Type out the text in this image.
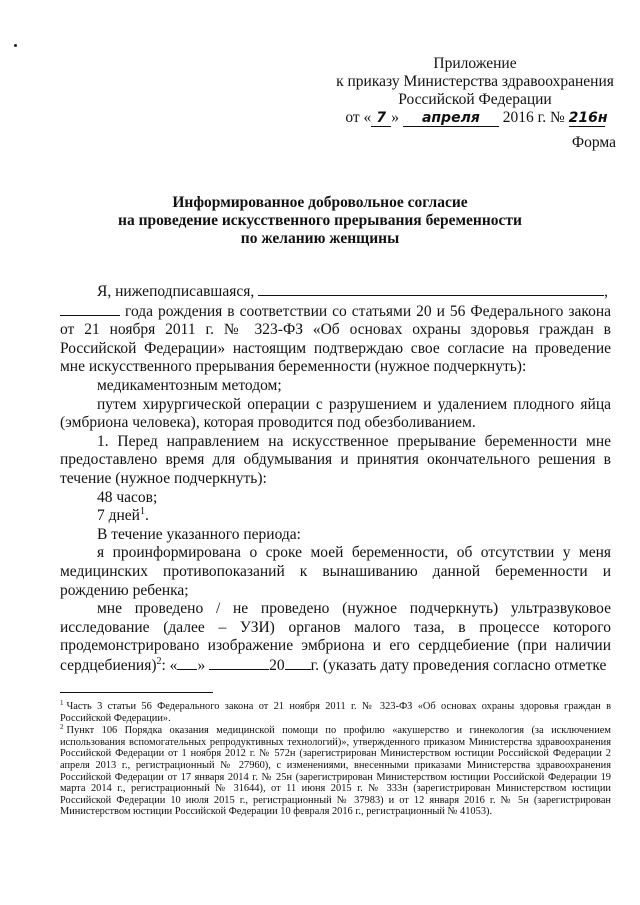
Приложение
к приказу Министерства здравоохранения
Российской Федерации
от « 7 » апреля 2016 г. № 216н
Форма
Информированное добровольное согласие
на проведение искусственного прерывания беременности
по желанию женщины

Я, нижеподписавшаяся,	,

года рождения в соответствии со статьями 20 и 56 Федерального закона от 21 ноября 2011 г. № 323-ФЗ «Об основах охраны здоровья граждан в Российской Федерации» настоящим подтверждаю свое согласие на проведение мне искусственного прерывания беременности (нужное подчеркнуть):

медикаментозным методом;

путем хирургической операции с разрушением и удалением плодного яйца (эмбриона человека), которая проводится под обезболиванием.

1. Перед направлением на искусственное прерывание беременности мне предоставлено время для обдумывания и принятия окончательного решения в течение (нужное подчеркнуть):

48 часов;

7 дней$^1$.

В течение указанного периода:

я проинформирована о сроке моей беременности, об отсутствии у меня медицинских противопоказаний к вынашиванию данной беременности и рождению ребенка;

мне проведено / не проведено (нужное подчеркнуть) ультразвуковое исследование (далее – УЗИ) органов малого таза, в процессе которого продемонстрировано изображение эмбриона и его сердцебиение (при наличии сердцебиения)$^2$: « »	20 г. (указать дату проведения согласно отметке

$^1$ Часть 3 статьи 56 Федерального закона от 21 ноября 2011 г. № 323-ФЗ «Об основах охраны здоровья граждан в Российской Федерации».

$^2$ Пункт 106 Порядка оказания медицинской помощи по профилю «акушерство и гинекология (за исключением использования вспомогательных репродуктивных технологий)», утвержденного приказом Министерства здравоохранения Российской Федерации от 1 ноября 2012 г. № 572н (зарегистрирован Министерством юстиции Российской Федерации 2 апреля 2013 г., регистрационный № 27960), с изменениями, внесенными приказами Министерства здравоохранения Российской Федерации от 17 января 2014 г. № 25н (зарегистрирован Министерством юстиции Российской Федерации 19 марта 2014 г., регистрационный № 31644), от 11 июня 2015 г. № 333н (зарегистрирован Министерством юстиции Российской Федерации 10 июля 2015 г., регистрационный № 37983) и от 12 января 2016 г. № 5н (зарегистрирован Министерством юстиции Российской Федерации 10 февраля 2016 г., регистрационный № 41053).
